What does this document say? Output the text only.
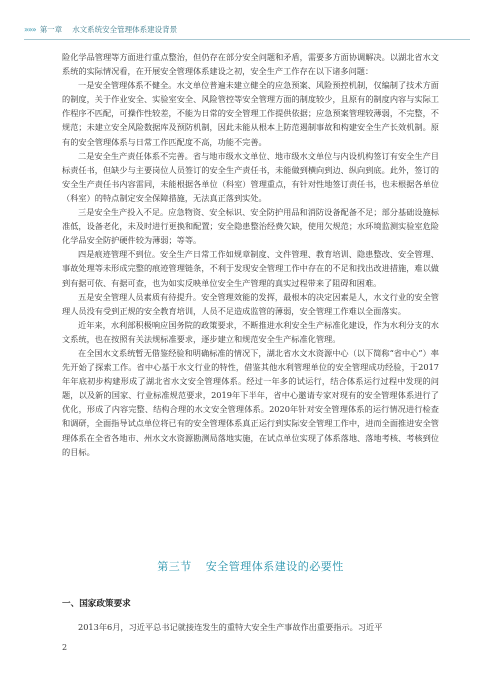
»»» 第一章 水文系统安全管理体系建设背景

险化学品管理等方面进行重点整治，但仍存在部分安全问题和矛盾，需要多方面协调解决。以湖北省水文系统的实际情况看，在开展安全管理体系建设之初，安全生产工作存在以下诸多问题：

一是安全管理体系不健全。水文单位普遍未建立健全的应急预案、风险预控机制，仅编制了技术方面的制度，关于作业安全、实验室安全、风险管控等安全管理方面的制度较少，且原有的制度内容与实际工作程序不匹配，可操作性较差，不能为日常的安全管理工作提供依据；应急预案管理较薄弱，不完整，不规范；未建立安全风险数据库及预防机制，因此未能从根本上防范遏制事故和构建安全生产长效机制。原有的安全管理体系与日常工作匹配度不高，功能不完善。

二是安全生产责任体系不完善。省与地市级水文单位、地市级水文单位与内设机构签订有安全生产目标责任书，但缺少与主要岗位人员签订的安全生产责任书，未能做到横向到边、纵向到底。此外，签订的安全生产责任书内容雷同，未能根据各单位（科室）管理重点，有针对性地签订责任书，也未根据各单位（科室）的特点制定安全保障措施，无法真正落到实处。

三是安全生产投入不足。应急物资、安全标识、安全防护用品和消防设备配备不足；部分基础设施标准低，设备老化，未及时进行更换和配置；安全隐患整治经费欠缺，使用欠规范；水环境监测实验室危险化学品安全防护硬件较为薄弱；等等。

四是痕迹管理不到位。安全生产日常工作如规章制度、文件管理、教育培训、隐患整改、安全管理、事故处理等未形成完整的痕迹管理链条，不利于发现安全管理工作中存在的不足和找出改进措施，难以做到有据可依、有据可查，也为如实反映单位安全生产管理的真实过程带来了阻碍和困难。

五是安全管理人员素质有待提升。安全管理效能的发挥，最根本的决定因素是人，水文行业的安全管理人员没有受到正规的安全教育培训，人员不足造成监管的薄弱，安全管理工作难以全面落实。

近年来，水利部积极响应国务院的政策要求，不断推进水利安全生产标准化建设，作为水利分支的水文系统，也在按照有关法规标准要求，逐步建立和规范安全生产标准化管理。

在全国水文系统暂无借鉴经验和明确标准的情况下，湖北省水文水资源中心（以下简称“省中心”）率先开始了探索工作。省中心基于水文行业的特性，借鉴其他水利管理单位的安全管理成功经验，于2017年年底初步构建形成了湖北省水文安全管理体系。经过一年多的试运行，结合体系运行过程中发现的问题，以及新的国家、行业标准规范要求，2019年下半年，省中心邀请专家对现有的安全管理体系进行了优化，形成了内容完整、结构合理的水文安全管理体系。2020年针对安全管理体系的运行情况进行检查和调研，全面指导试点单位将已有的安全管理体系真正运行到实际安全管理工作中，进而全面推进安全管理体系在全省各地市、州水文水资源勘测局落地实施，在试点单位实现了体系落地、落地考核、考核到位的目标。

第三节 安全管理体系建设的必要性
一、国家政策要求
2013年6月，习近平总书记就接连发生的重特大安全生产事故作出重要指示。习近平
2
